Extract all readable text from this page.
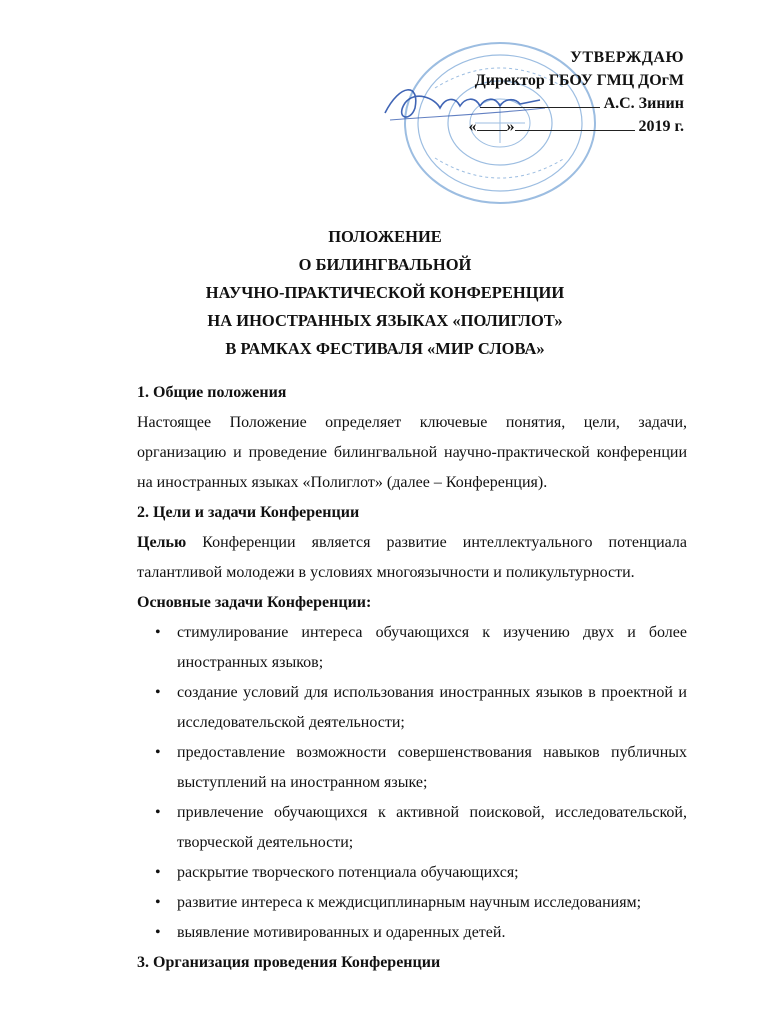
УТВЕРЖДАЮ
Директор ГБОУ ГМЦ ДОгМ
А.С. Зинин
« »	2019 г.
ПОЛОЖЕНИЕ
О БИЛИНГВАЛЬНОЙ
НАУЧНО-ПРАКТИЧЕСКОЙ КОНФЕРЕНЦИИ
НА ИНОСТРАННЫХ ЯЗЫКАХ «ПОЛИГЛОТ»
В РАМКАХ ФЕСТИВАЛЯ «МИР СЛОВА»

1. Общие положения

Настоящее Положение определяет ключевые понятия, цели, задачи, организацию и проведение билингвальной научно-практической конференции на иностранных языках «Полиглот» (далее – Конференция).

2. Цели и задачи Конференции

Целью Конференции является развитие интеллектуального потенциала талантливой молодежи в условиях многоязычности и поликультурности.

Основные задачи Конференции:

• стимулирование интереса обучающихся к изучению двух и более иностранных языков;
• создание условий для использования иностранных языков в проектной и исследовательской деятельности;
• предоставление возможности совершенствования навыков публичных выступлений на иностранном языке;
• привлечение обучающихся к активной поисковой, исследовательской, творческой деятельности;
• раскрытие творческого потенциала обучающихся;
• развитие интереса к междисциплинарным научным исследованиям;
• выявление мотивированных и одаренных детей.

3. Организация проведения Конференции
